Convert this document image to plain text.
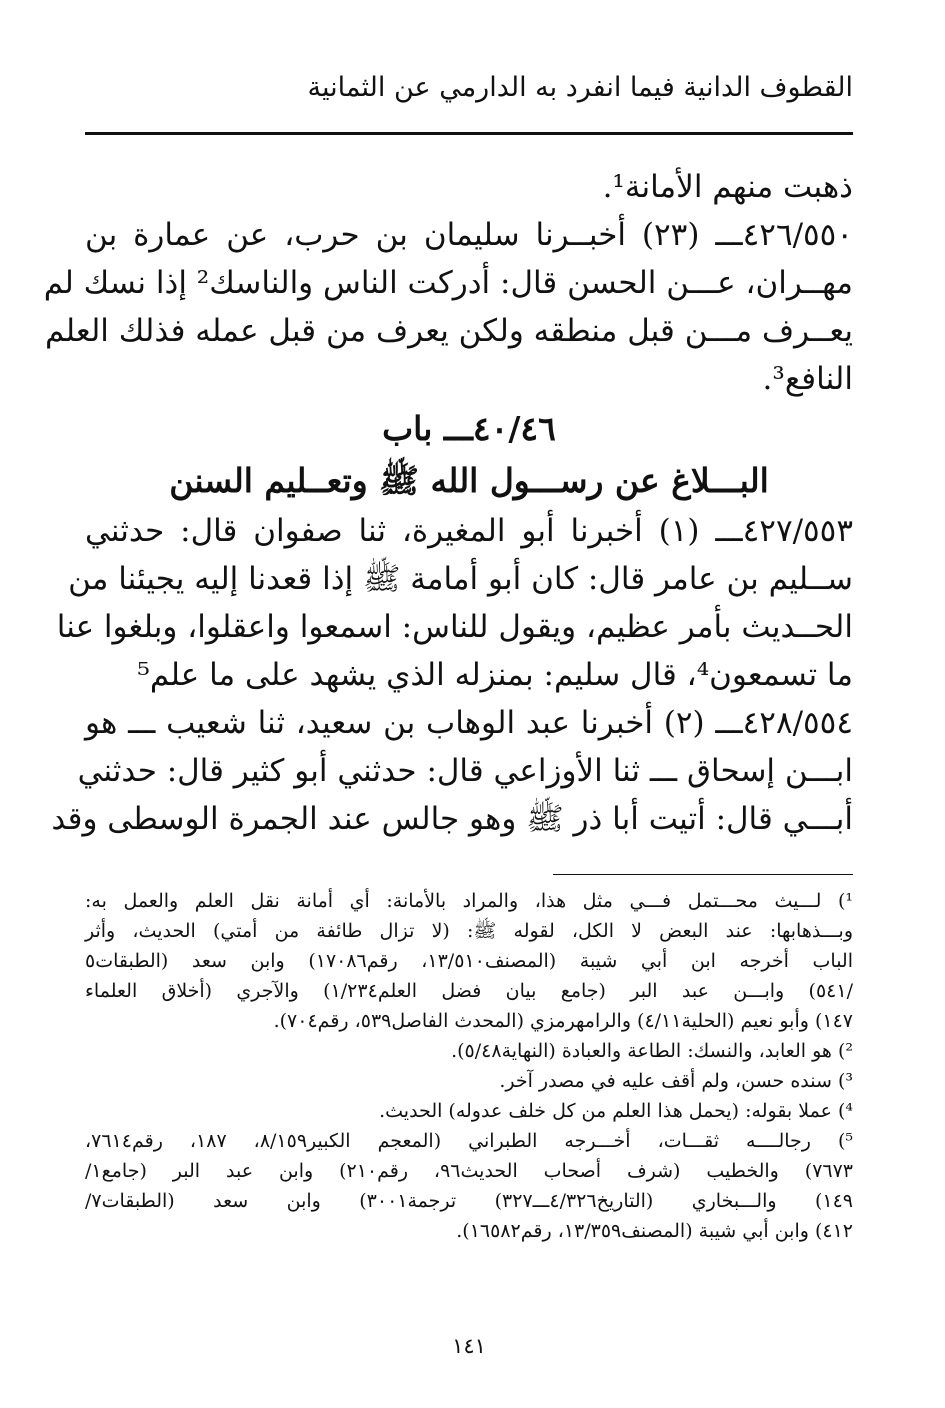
القطوف الدانية فيما انفرد به الدارمي عن الثمانية
ذهبت منهم الأمانة¹.
٤٢٦/٥٥٠ـــ (٢٣) أخبــرنا سليمان بن حرب، عن عمارة بن
مهــران، عـــن الحسن قال: أدركت الناس والناسك² إذا نسك لم
يعــرف مـــن قبل منطقه ولكن يعرف من قبل عمله فذلك العلم
النافع³.
٤٠/٤٦ـــ باب
البـــلاغ عن رســـول الله ﷺ وتعــليم السنن
٤٢٧/٥٥٣ـــ (١) أخبرنا أبو المغيرة، ثنا صفوان قال: حدثني
ســليم بن عامر قال: كان أبو أمامة ﷺ إذا قعدنا إليه يجيئنا من
الحــديث بأمر عظيم، ويقول للناس: اسمعوا واعقلوا، وبلغوا عنا
ما تسمعون⁴، قال سليم: بمنزله الذي يشهد على ما علم⁵
٤٢٨/٥٥٤ـــ (٢) أخبرنا عبد الوهاب بن سعيد، ثنا شعيب ـــ هو
ابـــن إسحاق ـــ ثنا الأوزاعي قال: حدثني أبو كثير قال: حدثني
أبـــي قال: أتيت أبا ذر ﷺ وهو جالس عند الجمرة الوسطى وقد
¹) لـــيث محـــتمل فـــي مثل هذا، والمراد بالأمانة: أي أمانة نقل العلم والعمل به:
وبـــذهابها: عند البعض لا الكل، لقوله ﷺ: (لا تزال طائفة من أمتي) الحديث، وأثر
الباب أخرجه ابن أبي شيبة (المصنف١٣/٥١٠، رقم١٧٠٨٦) وابن سعد (الطبقات٥
/٥٤١) وابـــن عبد البر (جامع بيان فضل العلم١/٢٣٤) والآجري (أخلاق العلماء
١٤٧) وأبو نعيم (الحلية٤/١١) والرامهرمزي (المحدث الفاصل٥٣٩، رقم٧٠٤).
²) هو العابد، والنسك: الطاعة والعبادة (النهاية٥/٤٨).
³) سنده حسن، ولم أقف عليه في مصدر آخر.
⁴) عملا بقوله: (يحمل هذا العلم من كل خلف عدوله) الحديث.
⁵) رجالــــه ثقـــات، أخـــرجه الطبراني (المعجم الكبير٨/١٥٩، ١٨٧، رقم٧٦١٤،
٧٦٧٣) والخطيب (شرف أصحاب الحديث٩٦، رقم٢١٠) وابن عبد البر (جامع١/
١٤٩) والـــبخاري (التاريخ٤/٣٢٦ـــ٣٢٧) ترجمة٣٠٠١) وابن سعد (الطبقات٧/
٤١٢) وابن أبي شيبة (المصنف١٣/٣٥٩، رقم١٦٥٨٢).
١٤١
